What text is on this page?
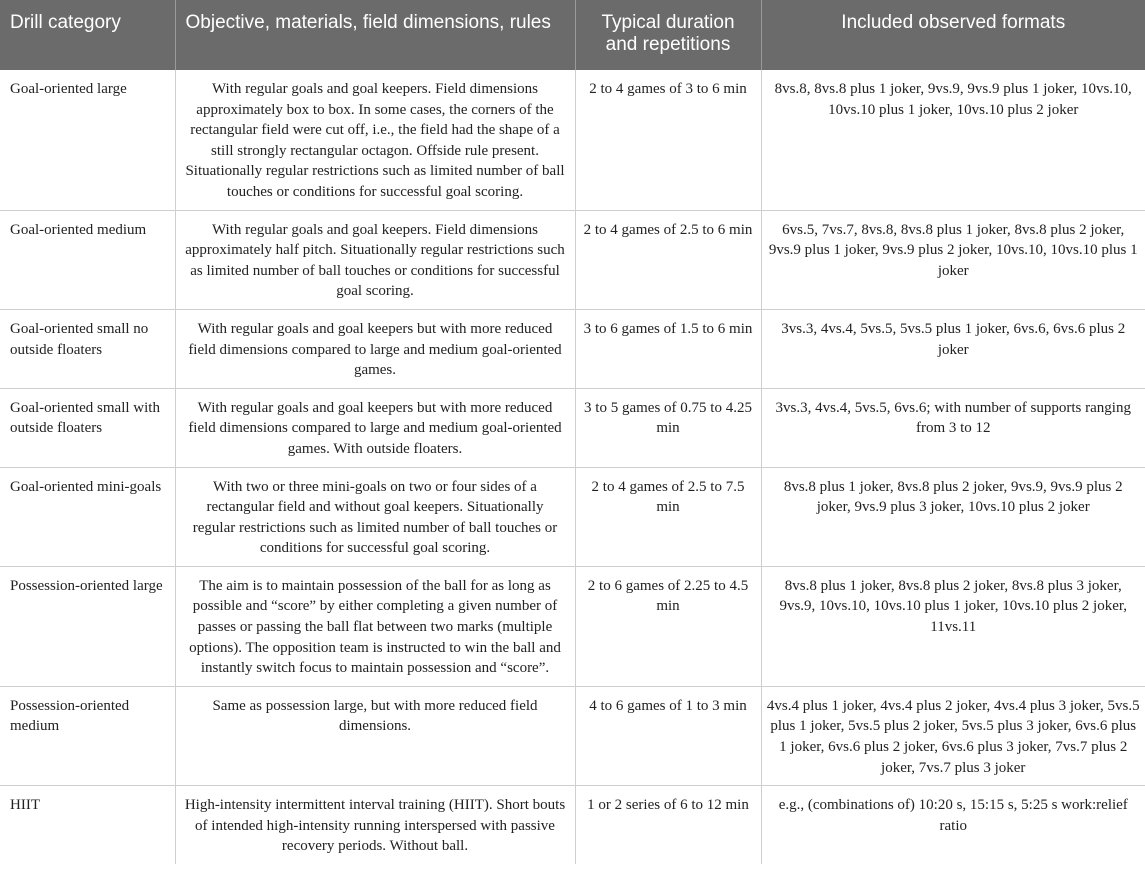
Drill category	Objective, materials, field dimensions, rules	Typical duration and repetitions	Included observed formats
Goal-oriented large	With regular goals and goal keepers. Field dimensions approximately box to box. In some cases, the corners of the rectangular field were cut off, i.e., the field had the shape of a still strongly rectangular octagon. Offside rule present. Situationally regular restrictions such as limited number of ball touches or conditions for successful goal scoring.	2 to 4 games of 3 to 6 min	8vs.8, 8vs.8 plus 1 joker, 9vs.9, 9vs.9 plus 1 joker, 10vs.10, 10vs.10 plus 1 joker, 10vs.10 plus 2 joker
Goal-oriented medium	With regular goals and goal keepers. Field dimensions approximately half pitch. Situationally regular restrictions such as limited number of ball touches or conditions for successful goal scoring.	2 to 4 games of 2.5 to 6 min	6vs.5, 7vs.7, 8vs.8, 8vs.8 plus 1 joker, 8vs.8 plus 2 joker, 9vs.9 plus 1 joker, 9vs.9 plus 2 joker, 10vs.10, 10vs.10 plus 1 joker
Goal-oriented small no outside floaters	With regular goals and goal keepers but with more reduced field dimensions compared to large and medium goal-oriented games.	3 to 6 games of 1.5 to 6 min	3vs.3, 4vs.4, 5vs.5, 5vs.5 plus 1 joker, 6vs.6, 6vs.6 plus 2 joker
Goal-oriented small with outside floaters	With regular goals and goal keepers but with more reduced field dimensions compared to large and medium goal-oriented games. With outside floaters.	3 to 5 games of 0.75 to 4.25 min	3vs.3, 4vs.4, 5vs.5, 6vs.6; with number of supports ranging from 3 to 12
Goal-oriented mini-goals	With two or three mini-goals on two or four sides of a rectangular field and without goal keepers. Situationally regular restrictions such as limited number of ball touches or conditions for successful goal scoring.	2 to 4 games of 2.5 to 7.5 min	8vs.8 plus 1 joker, 8vs.8 plus 2 joker, 9vs.9, 9vs.9 plus 2 joker, 9vs.9 plus 3 joker, 10vs.10 plus 2 joker
Possession-oriented large	The aim is to maintain possession of the ball for as long as possible and “score” by either completing a given number of passes or passing the ball flat between two marks (multiple options). The opposition team is instructed to win the ball and instantly switch focus to maintain possession and “score”.	2 to 6 games of 2.25 to 4.5 min	8vs.8 plus 1 joker, 8vs.8 plus 2 joker, 8vs.8 plus 3 joker, 9vs.9, 10vs.10, 10vs.10 plus 1 joker, 10vs.10 plus 2 joker, 11vs.11
Possession-oriented medium	Same as possession large, but with more reduced field dimensions.	4 to 6 games of 1 to 3 min	4vs.4 plus 1 joker, 4vs.4 plus 2 joker, 4vs.4 plus 3 joker, 5vs.5 plus 1 joker, 5vs.5 plus 2 joker, 5vs.5 plus 3 joker, 6vs.6 plus 1 joker, 6vs.6 plus 2 joker, 6vs.6 plus 3 joker, 7vs.7 plus 2 joker, 7vs.7 plus 3 joker
HIIT	High-intensity intermittent interval training (HIIT). Short bouts of intended high-intensity running interspersed with passive recovery periods. Without ball.	1 or 2 series of 6 to 12 min	e.g., (combinations of) 10:20 s, 15:15 s, 5:25 s work:relief ratio
